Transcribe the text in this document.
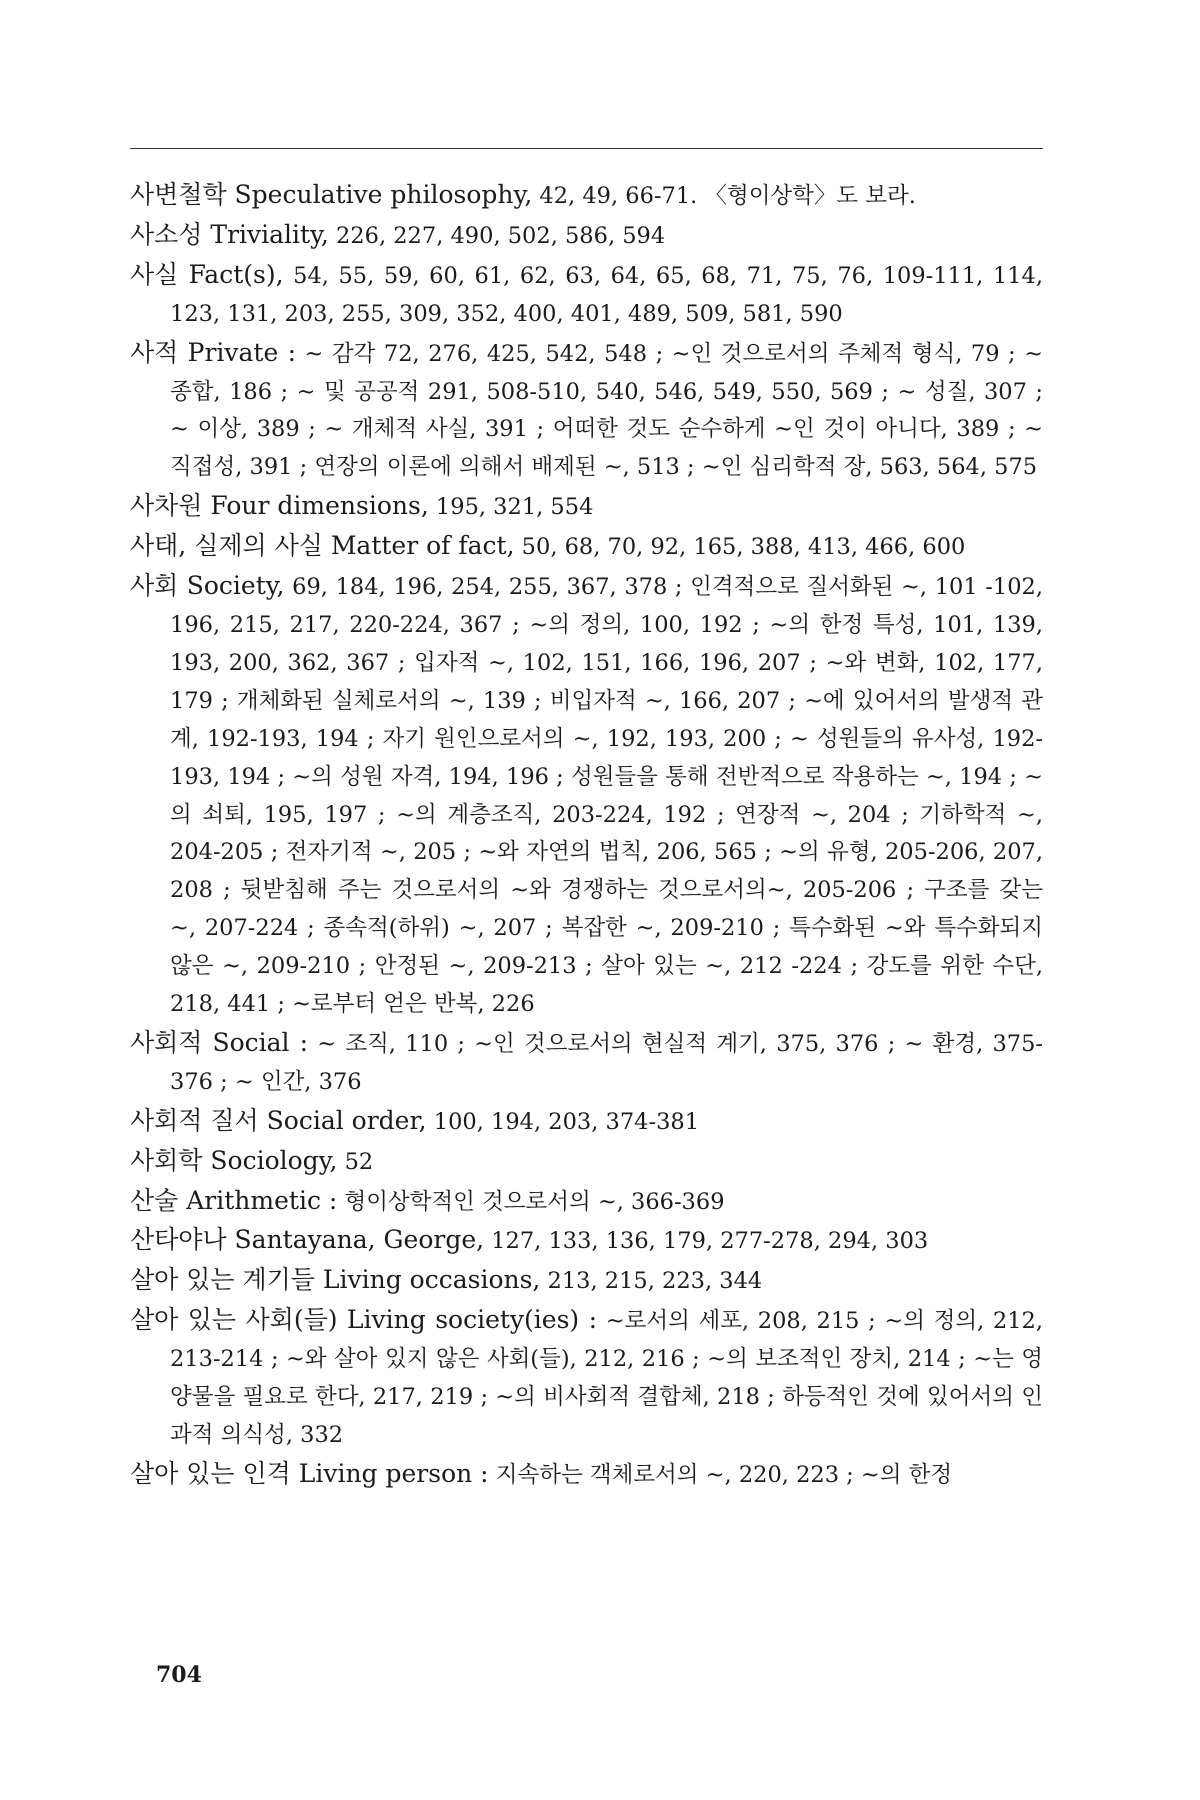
사변철학 Speculative philosophy, 42, 49, 66-71. 〈형이상학〉도 보라.
사소성 Triviality, 226, 227, 490, 502, 586, 594
사실 Fact(s), 54, 55, 59, 60, 61, 62, 63, 64, 65, 68, 71, 75, 76, 109-111, 114, 123, 131, 203, 255, 309, 352, 400, 401, 489, 509, 581, 590
사적 Private : ~ 감각 72, 276, 425, 542, 548 ; ~인 것으로서의 주체적 형식, 79 ; ~ 종합, 186 ; ~ 및 공공적 291, 508-510, 540, 546, 549, 550, 569 ; ~ 성질, 307 ; ~ 이상, 389 ; ~ 개체적 사실, 391 ; 어떠한 것도 순수하게 ~인 것이 아니다, 389 ; ~ 직접성, 391 ; 연장의 이론에 의해서 배제된 ~, 513 ; ~인 심리학적 장, 563, 564, 575
사차원 Four dimensions, 195, 321, 554
사태, 실제의 사실 Matter of fact, 50, 68, 70, 92, 165, 388, 413, 466, 600
사회 Society, 69, 184, 196, 254, 255, 367, 378 ; 인격적으로 질서화된 ~, 101 -102, 196, 215, 217, 220-224, 367 ; ~의 정의, 100, 192 ; ~의 한정 특성, 101, 139, 193, 200, 362, 367 ; 입자적 ~, 102, 151, 166, 196, 207 ; ~와 변화, 102, 177, 179 ; 개체화된 실체로서의 ~, 139 ; 비입자적 ~, 166, 207 ; ~에 있어서의 발생적 관계, 192-193, 194 ; 자기 원인으로서의 ~, 192, 193, 200 ; ~ 성원들의 유사성, 192-193, 194 ; ~의 성원 자격, 194, 196 ; 성원들을 통해 전반적으로 작용하는 ~, 194 ; ~의 쇠퇴, 195, 197 ; ~의 계층조직, 203-224, 192 ; 연장적 ~, 204 ; 기하학적 ~, 204-205 ; 전자기적 ~, 205 ; ~와 자연의 법칙, 206, 565 ; ~의 유형, 205-206, 207, 208 ; 뒷받침해 주는 것으로서의 ~와 경쟁하는 것으로서의~, 205-206 ; 구조를 갖는 ~, 207-224 ; 종속적(하위) ~, 207 ; 복잡한 ~, 209-210 ; 특수화된 ~와 특수화되지 않은 ~, 209-210 ; 안정된 ~, 209-213 ; 살아 있는 ~, 212 -224 ; 강도를 위한 수단, 218, 441 ; ~로부터 얻은 반복, 226
사회적 Social : ~ 조직, 110 ; ~인 것으로서의 현실적 계기, 375, 376 ; ~ 환경, 375-376 ; ~ 인간, 376
사회적 질서 Social order, 100, 194, 203, 374-381
사회학 Sociology, 52
산술 Arithmetic : 형이상학적인 것으로서의 ~, 366-369
산타야나 Santayana, George, 127, 133, 136, 179, 277-278, 294, 303
살아 있는 계기들 Living occasions, 213, 215, 223, 344
살아 있는 사회(들) Living society(ies) : ~로서의 세포, 208, 215 ; ~의 정의, 212, 213-214 ; ~와 살아 있지 않은 사회(들), 212, 216 ; ~의 보조적인 장치, 214 ; ~는 영양물을 필요로 한다, 217, 219 ; ~의 비사회적 결합체, 218 ; 하등적인 것에 있어서의 인과적 의식성, 332
살아 있는 인격 Living person : 지속하는 객체로서의 ~, 220, 223 ; ~의 한정
704
